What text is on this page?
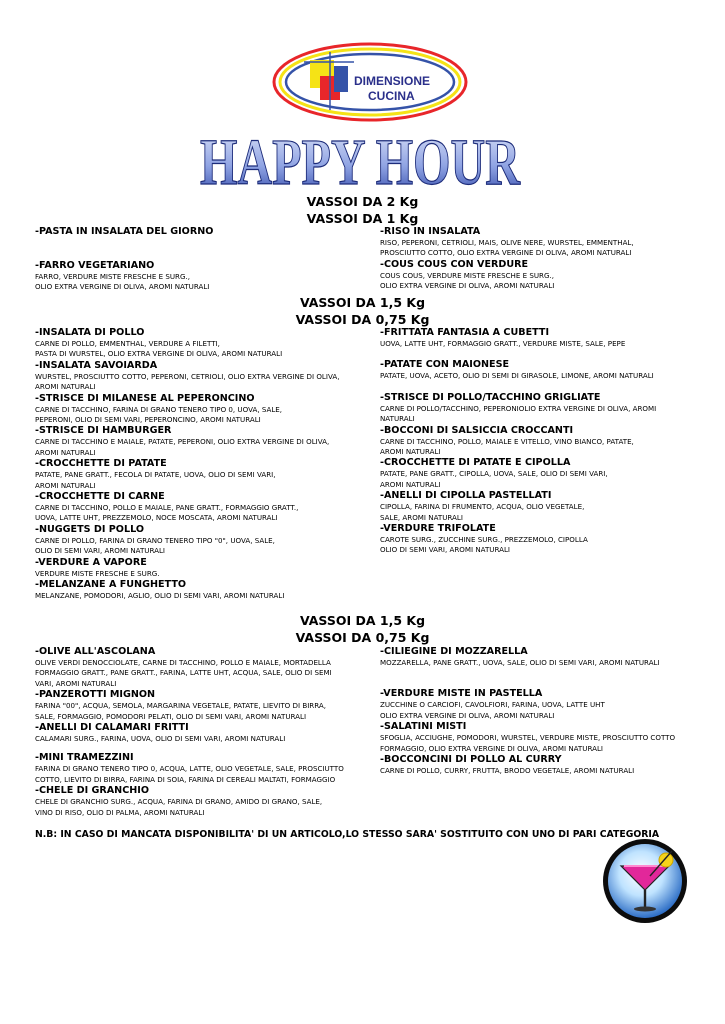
DIMENSIONE
CUCINA
HAPPY HOUR
VASSOI DA 2 Kg
VASSOI DA 1 Kg
-PASTA IN INSALATA DEL GIORNO
-FARRO VEGETARIANO
FARRO, VERDURE MISTE FRESCHE E SURG.,
OLIO EXTRA VERGINE DI OLIVA, AROMI NATURALI
-RISO IN INSALATA
RISO, PEPERONI, CETRIOLI, MAIS, OLIVE NERE, WURSTEL, EMMENTHAL,
PROSCIUTTO COTTO, OLIO EXTRA VERGINE DI OLIVA, AROMI NATURALI
-COUS COUS CON VERDURE
COUS COUS, VERDURE MISTE FRESCHE E SURG.,
OLIO EXTRA VERGINE DI OLIVA, AROMI NATURALI
VASSOI DA 1,5 Kg
VASSOI DA 0,75 Kg
-INSALATA DI POLLO
CARNE DI POLLO, EMMENTHAL, VERDURE A FILETTI,
PASTA DI WURSTEL, OLIO EXTRA VERGINE DI OLIVA, AROMI NATURALI
-INSALATA SAVOIARDA
WURSTEL, PROSCIUTTO COTTO, PEPERONI, CETRIOLI, OLIO EXTRA VERGINE DI OLIVA,
AROMI NATURALI
-STRISCE DI MILANESE AL PEPERONCINO
CARNE DI TACCHINO, FARINA DI GRANO TENERO TIPO 0, UOVA, SALE,
PEPERONI, OLIO DI SEMI VARI, PEPERONCINO, AROMI NATURALI
-STRISCE DI HAMBURGER
CARNE DI TACCHINO E MAIALE, PATATE, PEPERONI, OLIO EXTRA VERGINE DI OLIVA,
AROMI NATURALI
-CROCCHETTE DI PATATE
PATATE, PANE GRATT., FECOLA DI PATATE, UOVA, OLIO DI SEMI VARI,
AROMI NATURALI
-CROCCHETTE DI CARNE
CARNE DI TACCHINO, POLLO E MAIALE, PANE GRATT., FORMAGGIO GRATT.,
UOVA, LATTE UHT, PREZZEMOLO, NOCE MOSCATA, AROMI NATURALI
-NUGGETS DI POLLO
CARNE DI POLLO, FARINA DI GRANO TENERO TIPO "0", UOVA, SALE,
OLIO DI SEMI VARI, AROMI NATURALI
-VERDURE A VAPORE
VERDURE MISTE FRESCHE E SURG.
-MELANZANE A FUNGHETTO
MELANZANE, POMODORI, AGLIO, OLIO DI SEMI VARI, AROMI NATURALI
-FRITTATA FANTASIA A CUBETTI
UOVA, LATTE UHT, FORMAGGIO GRATT., VERDURE MISTE, SALE, PEPE
-PATATE CON MAIONESE
PATATE, UOVA, ACETO, OLIO DI SEMI DI GIRASOLE, LIMONE, AROMI NATURALI
-STRISCE DI POLLO/TACCHINO GRIGLIATE
CARNE DI POLLO/TACCHINO, PEPERONIOLIO EXTRA VERGINE DI OLIVA, AROMI
NATURALI
-BOCCONI DI SALSICCIA CROCCANTI
CARNE DI TACCHINO, POLLO, MAIALE E VITELLO, VINO BIANCO, PATATE,
AROMI NATURALI
-CROCCHETTE DI PATATE E CIPOLLA
PATATE, PANE GRATT., CIPOLLA, UOVA, SALE, OLIO DI SEMI VARI,
AROMI NATURALI
-ANELLI DI CIPOLLA PASTELLATI
CIPOLLA, FARINA DI FRUMENTO, ACQUA, OLIO VEGETALE,
SALE, AROMI NATURALI
-VERDURE TRIFOLATE
CAROTE SURG., ZUCCHINE SURG., PREZZEMOLO, CIPOLLA
OLIO DI SEMI VARI, AROMI NATURALI
VASSOI DA 1,5 Kg
VASSOI DA 0,75 Kg
-OLIVE ALL'ASCOLANA
OLIVE VERDI DENOCCIOLATE, CARNE DI TACCHINO, POLLO E MAIALE, MORTADELLA
FORMAGGIO GRATT., PANE GRATT., FARINA, LATTE UHT, ACQUA, SALE, OLIO DI SEMI
VARI, AROMI NATURALI
-PANZEROTTI MIGNON
FARINA "00", ACQUA, SEMOLA, MARGARINA VEGETALE, PATATE, LIEVITO DI BIRRA,
SALE, FORMAGGIO, POMODORI PELATI, OLIO DI SEMI VARI, AROMI NATURALI
-ANELLI DI CALAMARI FRITTI
CALAMARI SURG., FARINA, UOVA, OLIO DI SEMI VARI, AROMI NATURALI
-MINI TRAMEZZINI
FARINA DI GRANO TENERO TIPO 0, ACQUA, LATTE, OLIO VEGETALE, SALE, PROSCIUTTO
COTTO, LIEVITO DI BIRRA, FARINA DI SOIA, FARINA DI CEREALI MALTATI, FORMAGGIO
-CHELE DI GRANCHIO
CHELE DI GRANCHIO SURG., ACQUA, FARINA DI GRANO, AMIDO DI GRANO, SALE,
VINO DI RISO, OLIO DI PALMA, AROMI NATURALI
-CILIEGINE DI MOZZARELLA
MOZZARELLA, PANE GRATT., UOVA, SALE, OLIO DI SEMI VARI, AROMI NATURALI
-VERDURE MISTE IN PASTELLA
ZUCCHINE O CARCIOFI, CAVOLFIORI, FARINA, UOVA, LATTE UHT
OLIO EXTRA VERGINE DI OLIVA, AROMI NATURALI
-SALATINI MISTI
SFOGLIA, ACCIUGHE, POMODORI, WURSTEL, VERDURE MISTE, PROSCIUTTO COTTO
FORMAGGIO, OLIO EXTRA VERGINE DI OLIVA, AROMI NATURALI
-BOCCONCINI DI POLLO AL CURRY
CARNE DI POLLO, CURRY, FRUTTA, BRODO VEGETALE, AROMI NATURALI
N.B: IN CASO DI MANCATA DISPONIBILITA' DI UN ARTICOLO,LO STESSO SARA' SOSTITUITO CON UNO DI PARI CATEGORIA
